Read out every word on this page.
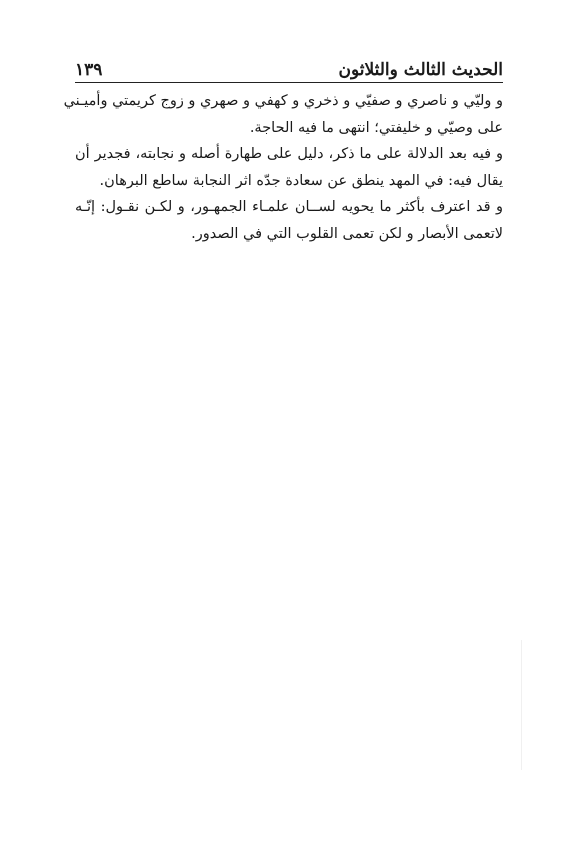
الحديث الثالث والثلاثون
١٣٩
و وليّي و ناصري و صفيّي و ذخري و كهفي و صهري و زوج كريمتي وأميـني
على وصيّي و خليفتي؛ انتهى ما فيه الحاجة.
و فيه بعد الدلالة على ما ذكر، دليل على طهارة أصله و نجابته، فجدير أن
يقال فيه: في المهد ينطق عن سعادة جدّه اثر النجابة ساطع البرهان.
و قد اعترف بأكثر ما يحويه لســان علمـاء الجمهـور، و لكـن نقـول: إنّـه
لاتعمى الأبصار و لكن تعمى القلوب التي في الصدور.
